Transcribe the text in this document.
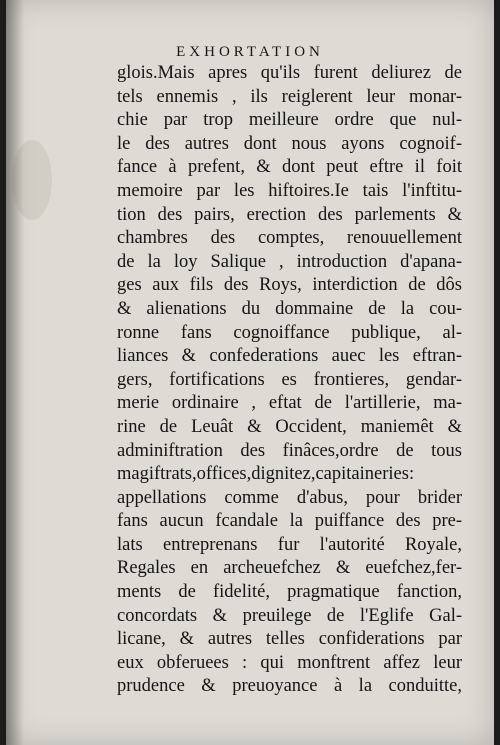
EXHORTATION
glois.Mais apres qu'ils furent deliurez de
tels ennemis , ils reiglerent leur monar-
chie par trop meilleure ordre que nul-
le des autres dont nous ayons cognoif-
fance à prefent, & dont peut eftre il foit
memoire par les hiftoires.Ie tais l'inftitu-
tion des pairs, erection des parlements &
chambres des comptes, renouuellement
de la loy Salique , introduction d'apana-
ges aux fils des Roys, interdiction de dôs
& alienations du dommaine de la cou-
ronne fans cognoiffance publique, al-
liances & confederations auec les eftran-
gers, fortifications es frontieres, gendar-
merie ordinaire , eftat de l'artillerie, ma-
rine de Leuât & Occident, maniemêt &
adminiftration des finâces,ordre de tous
magiftrats,offices,dignitez,capitaineries:
appellations comme d'abus, pour brider
fans aucun fcandale la puiffance des pre-
lats entreprenans fur l'autorité Royale,
Regales en archeuefchez & euefchez,fer-
ments de fidelité, pragmatique fanction,
concordats & preuilege de l'Eglife Gal-
licane, & autres telles confiderations par
eux obferuees : qui monftrent affez leur
prudence & preuoyance à la conduitte,
